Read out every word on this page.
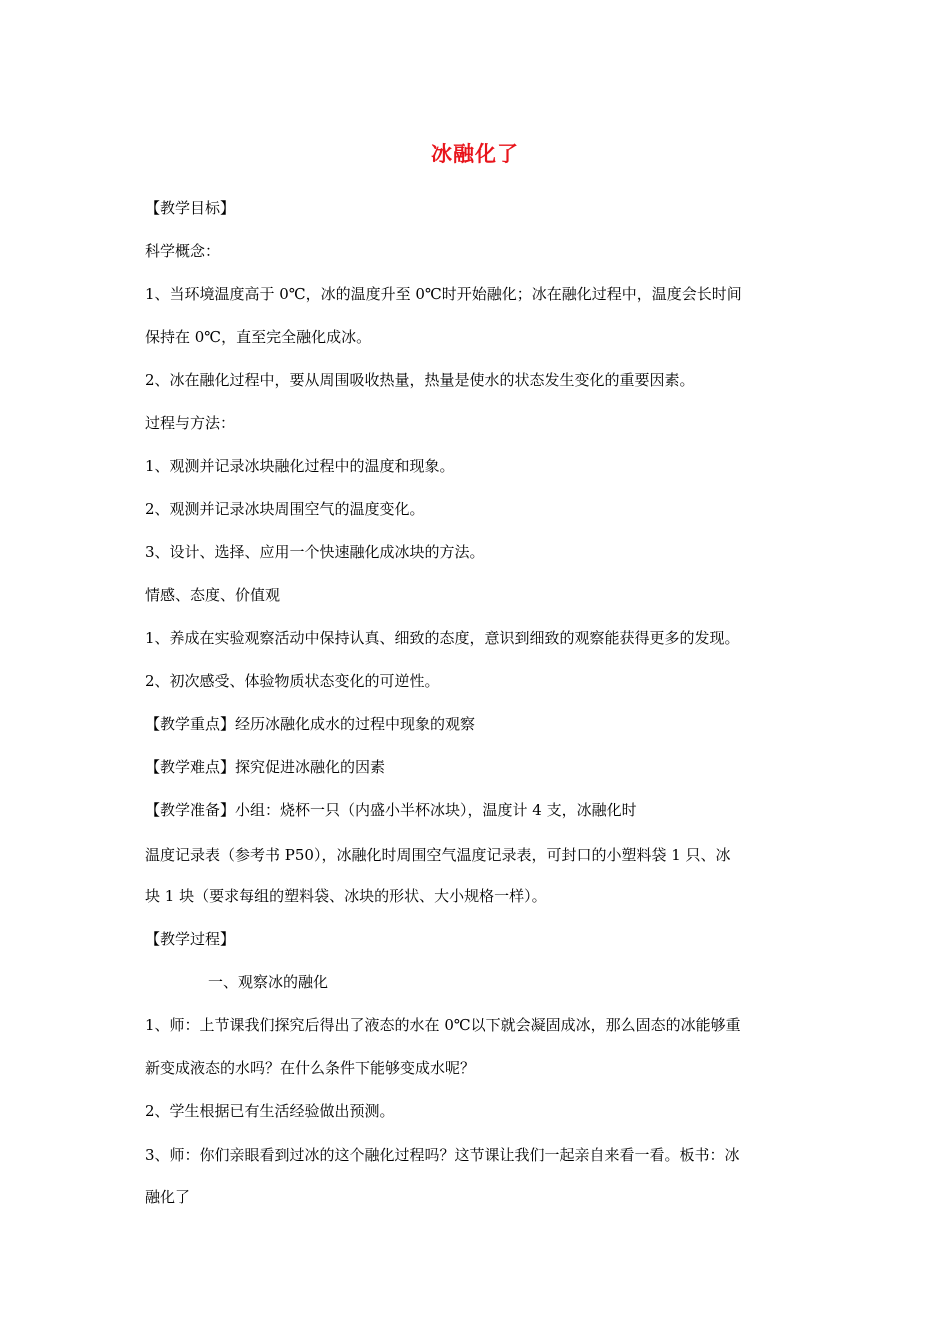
冰融化了
【教学目标】
科学概念：
1、当环境温度高于 0℃，冰的温度升至 0℃时开始融化；冰在融化过程中，温度会长时间
保持在 0℃，直至完全融化成冰。
2、冰在融化过程中，要从周围吸收热量，热量是使水的状态发生变化的重要因素。
过程与方法：
1、观测并记录冰块融化过程中的温度和现象。
2、观测并记录冰块周围空气的温度变化。
3、设计、选择、应用一个快速融化成冰块的方法。
情感、态度、价值观
1、养成在实验观察活动中保持认真、细致的态度，意识到细致的观察能获得更多的发现。
2、初次感受、体验物质状态变化的可逆性。
【教学重点】经历冰融化成水的过程中现象的观察
【教学难点】探究促进冰融化的因素
【教学准备】小组：烧杯一只（内盛小半杯冰块），温度计 4 支，冰融化时
温度记录表（参考书 P50），冰融化时周围空气温度记录表，可封口的小塑料袋 1 只、冰
块 1 块（要求每组的塑料袋、冰块的形状、大小规格一样）。
【教学过程】
一、观察冰的融化
1、师：上节课我们探究后得出了液态的水在 0℃以下就会凝固成冰，那么固态的冰能够重
新变成液态的水吗？在什么条件下能够变成水呢？
2、学生根据已有生活经验做出预测。
3、师：你们亲眼看到过冰的这个融化过程吗？这节课让我们一起亲自来看一看。板书：冰
融化了
